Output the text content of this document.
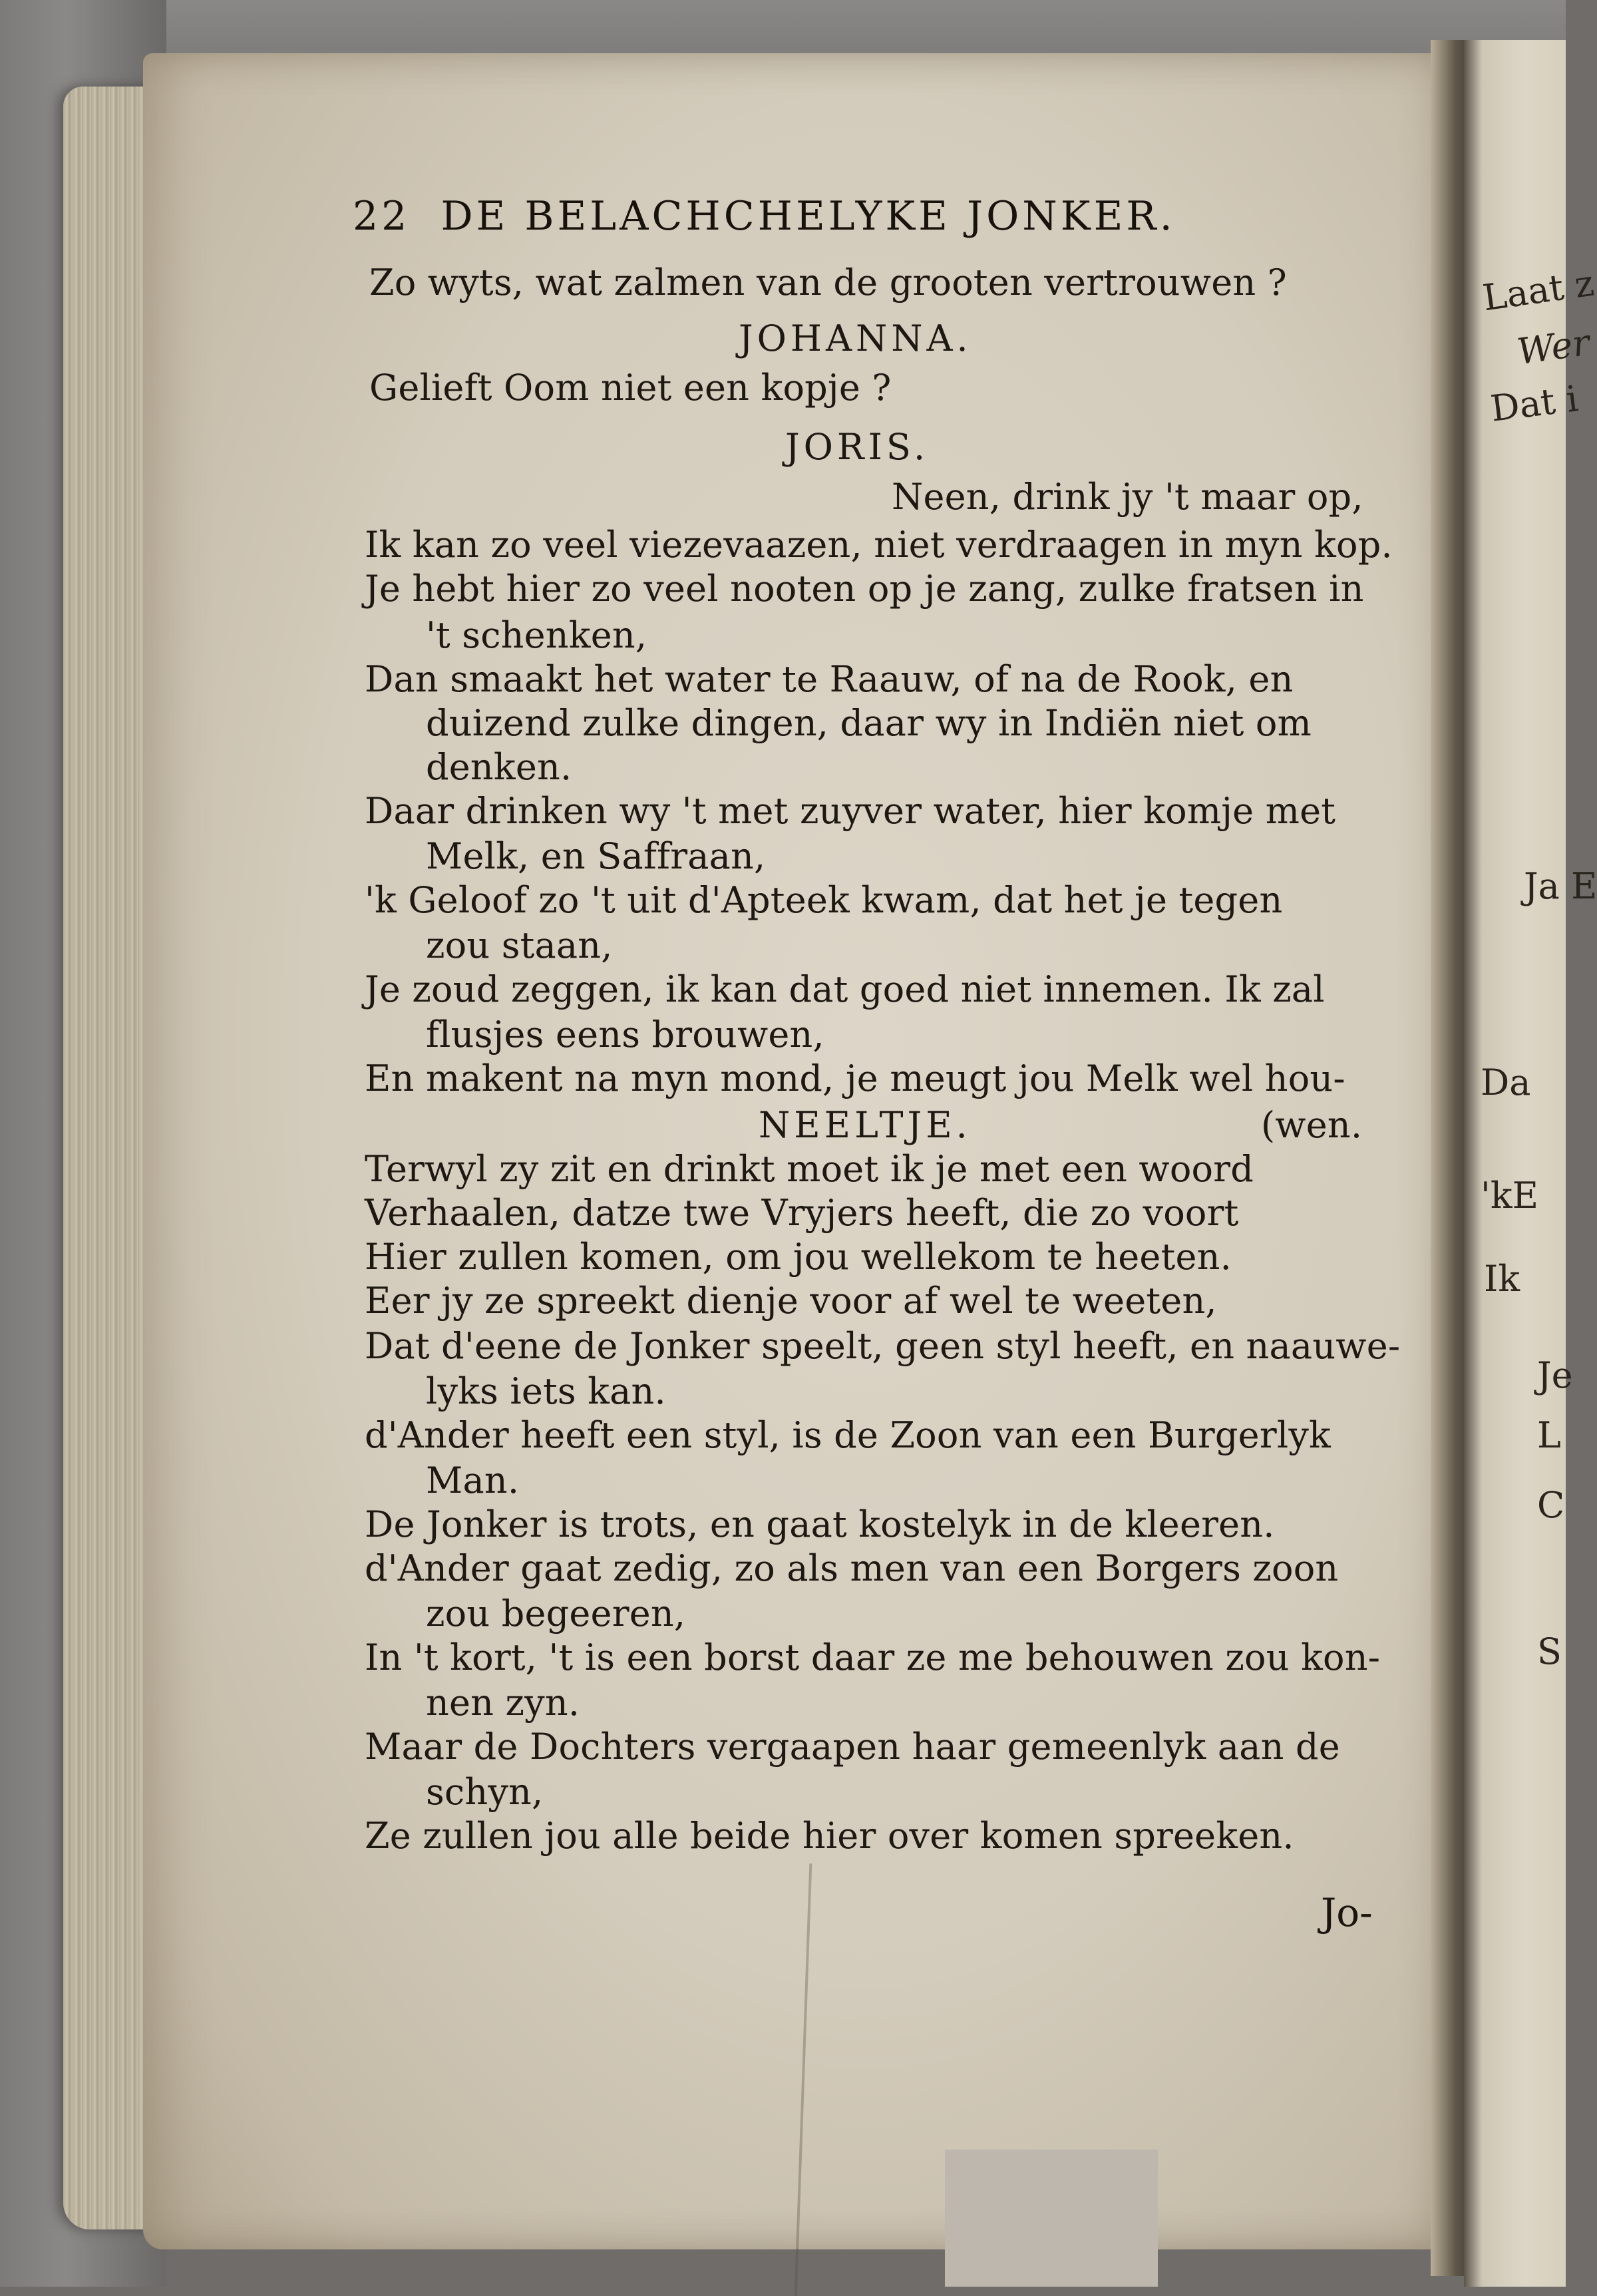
Laat z
Wer
Dat i
Ja E
Da
'kE
Ik
Je
L
C
S
22 DE BELACHCHELYKE JONKER.
Zo wyts, wat zalmen van de grooten vertrouwen ?
JOHANNA.
Gelieft Oom niet een kopje ?
JORIS.
Neen, drink jy 't maar op,
Ik kan zo veel viezevaazen, niet verdraagen in myn kop.
Je hebt hier zo veel nooten op je zang, zulke fratsen in
't schenken,
Dan smaakt het water te Raauw, of na de Rook, en
duizend zulke dingen, daar wy in Indiën niet om
denken.
Daar drinken wy 't met zuyver water, hier komje met
Melk, en Saffraan,
'k Geloof zo 't uit d'Apteek kwam, dat het je tegen
zou staan,
Je zoud zeggen, ik kan dat goed niet innemen. Ik zal
flusjes eens brouwen,
En makent na myn mond, je meugt jou Melk wel hou-
NEELTJE.	(wen.
Terwyl zy zit en drinkt moet ik je met een woord
Verhaalen, datze twe Vryjers heeft, die zo voort
Hier zullen komen, om jou wellekom te heeten.
Eer jy ze spreekt dienje voor af wel te weeten,
Dat d'eene de Jonker speelt, geen styl heeft, en naauwe-
lyks iets kan.
d'Ander heeft een styl, is de Zoon van een Burgerlyk
Man.
De Jonker is trots, en gaat kostelyk in de kleeren.
d'Ander gaat zedig, zo als men van een Borgers zoon
zou begeeren,
In 't kort, 't is een borst daar ze me behouwen zou kon-
nen zyn.
Maar de Dochters vergaapen haar gemeenlyk aan de
schyn,
Ze zullen jou alle beide hier over komen spreeken.
Jo-
